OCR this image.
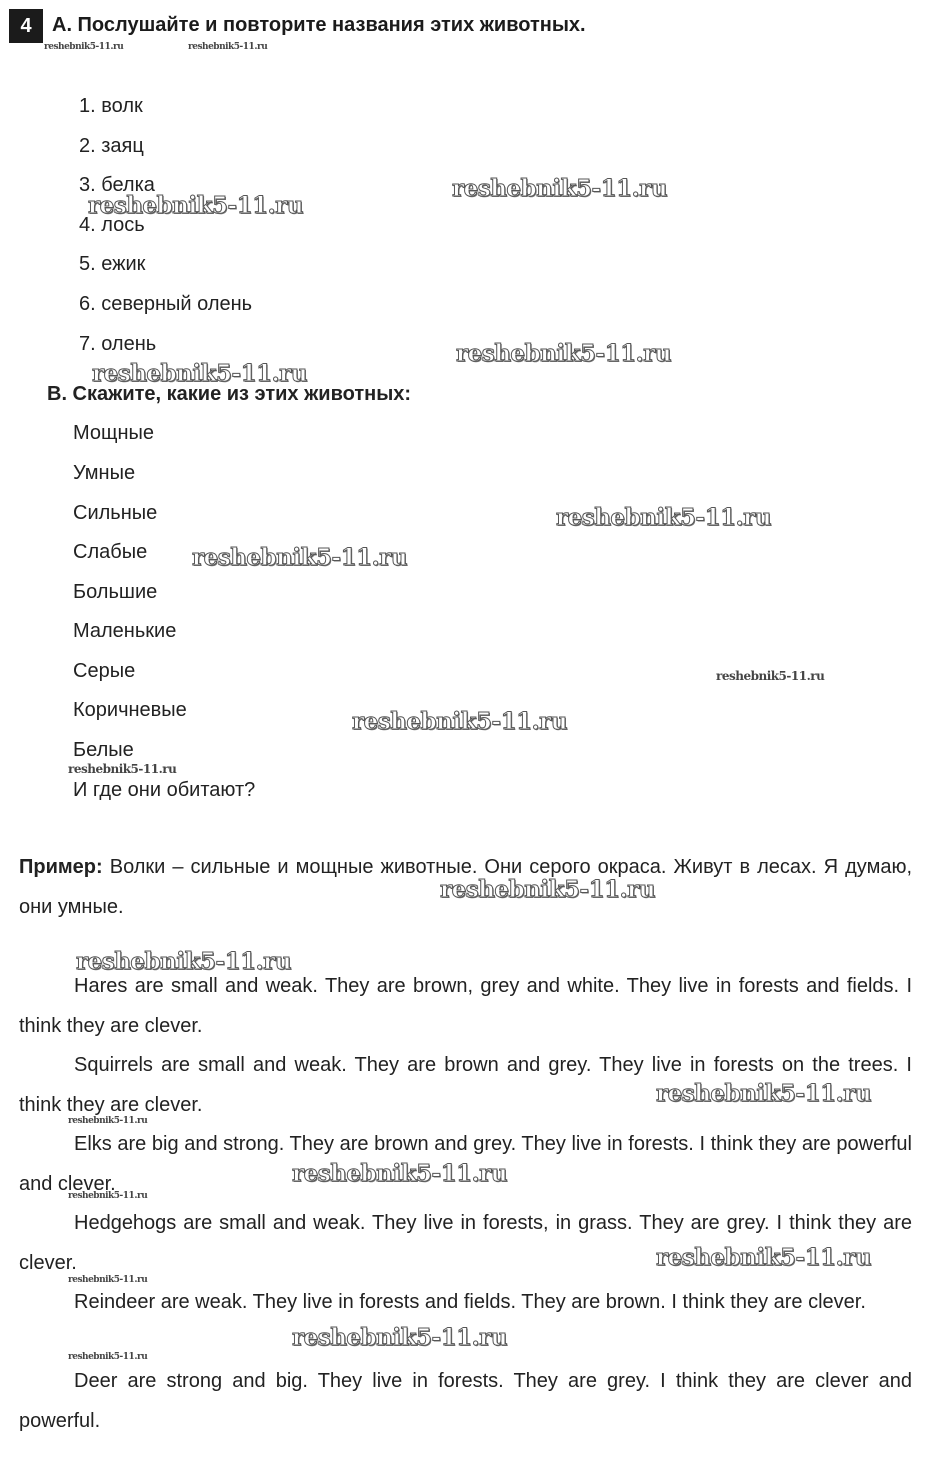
4	A. Послушайте и повторите названия этих животных.
1. волк
2. заяц
3. белка
4. лось
5. ежик
6. северный олень
7. олень
B. Скажите, какие из этих животных:
Мощные
Умные
Сильные
Слабые
Большие
Маленькие
Серые
Коричневые
Белые
И где они обитают?
Пример: Волки – сильные и мощные животные. Они серого окраса. Живут в лесах. Я думаю, они умные.
Hares are small and weak. They are brown, grey and white. They live in forests and fields. I think they are clever.
Squirrels are small and weak. They are brown and grey. They live in forests on the trees. I think they are clever.
Elks are big and strong. They are brown and grey. They live in forests. I think they are powerful and clever.
Hedgehogs are small and weak. They live in forests, in grass. They are grey. I think they are clever.
Reindeer are weak. They live in forests and fields. They are brown. I think they are clever.
Deer are strong and big. They live in forests. They are grey. I think they are clever and powerful.
reshebnik5-11.ru	reshebnik5-11.ru
reshebnik5-11.ru
reshebnik5-11.ru
reshebnik5-11.ru
reshebnik5-11.ru
reshebnik5-11.ru
reshebnik5-11.ru
reshebnik5-11.ru
reshebnik5-11.ru
reshebnik5-11.ru
reshebnik5-11.ru
reshebnik5-11.ru
reshebnik5-11.ru
reshebnik5-11.ru
reshebnik5-11.ru
reshebnik5-11.ru
reshebnik5-11.ru
reshebnik5-11.ru
reshebnik5-11.ru
reshebnik5-11.ru
